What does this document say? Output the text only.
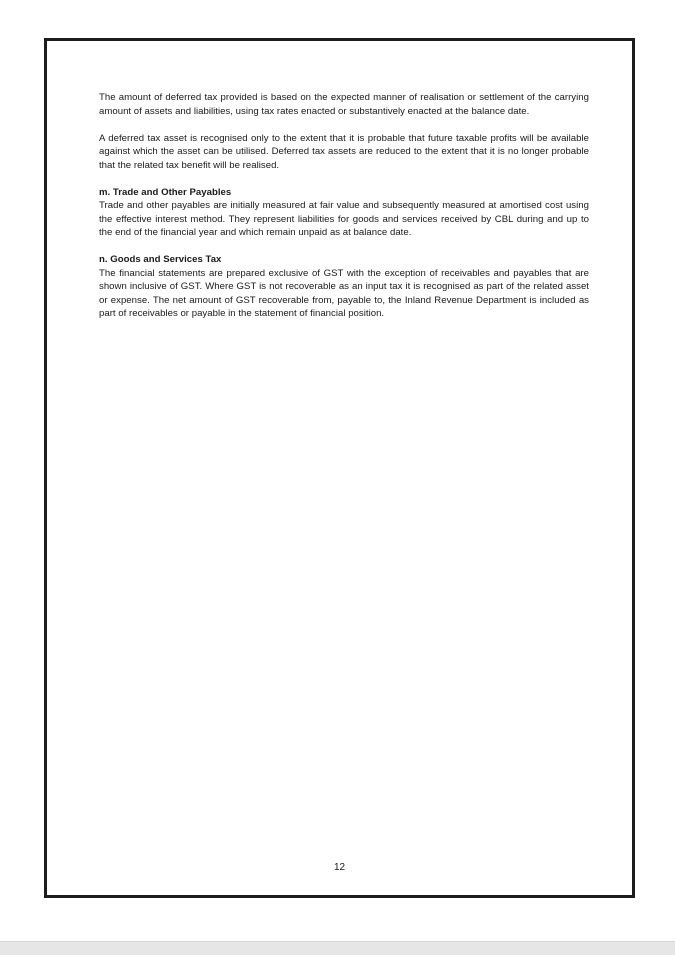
The amount of deferred tax provided is based on the expected manner of realisation or settlement of the carrying amount of assets and liabilities, using tax rates enacted or substantively enacted at the balance date.

A deferred tax asset is recognised only to the extent that it is probable that future taxable profits will be available against which the asset can be utilised. Deferred tax assets are reduced to the extent that it is no longer probable that the related tax benefit will be realised.

m. Trade and Other Payables

Trade and other payables are initially measured at fair value and subsequently measured at amortised cost using the effective interest method. They represent liabilities for goods and services received by CBL during and up to the end of the financial year and which remain unpaid as at balance date.

n. Goods and Services Tax

The financial statements are prepared exclusive of GST with the exception of receivables and payables that are shown inclusive of GST. Where GST is not recoverable as an input tax it is recognised as part of the related asset or expense. The net amount of GST recoverable from, payable to, the Inland Revenue Department is included as part of receivables or payable in the statement of financial position.

12
